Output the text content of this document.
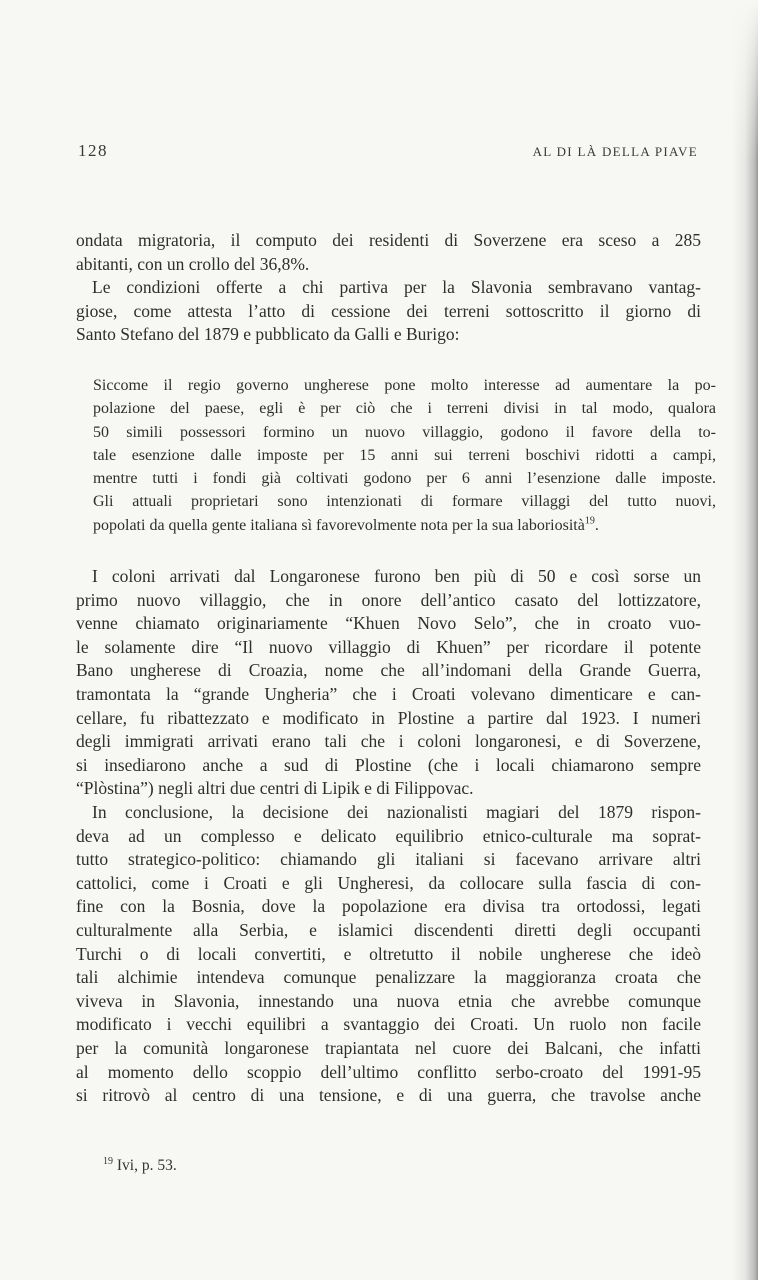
128	AL DI LÀ DELLA PIAVE
ondata migratoria, il computo dei residenti di Soverzene era sceso a 285
abitanti, con un crollo del 36,8%.
Le condizioni offerte a chi partiva per la Slavonia sembravano vantag-
giose, come attesta l’atto di cessione dei terreni sottoscritto il giorno di
Santo Stefano del 1879 e pubblicato da Galli e Burigo:
Siccome il regio governo ungherese pone molto interesse ad aumentare la po-
polazione del paese, egli è per ciò che i terreni divisi in tal modo, qualora
50 simili possessori formino un nuovo villaggio, godono il favore della to-
tale esenzione dalle imposte per 15 anni sui terreni boschivi ridotti a campi,
mentre tutti i fondi già coltivati godono per 6 anni l’esenzione dalle imposte.
Gli attuali proprietari sono intenzionati di formare villaggi del tutto nuovi,
popolati da quella gente italiana sì favorevolmente nota per la sua laboriosità$^{19}$.
I coloni arrivati dal Longaronese furono ben più di 50 e così sorse un
primo nuovo villaggio, che in onore dell’antico casato del lottizzatore,
venne chiamato originariamente “Khuen Novo Selo”, che in croato vuo-
le solamente dire “Il nuovo villaggio di Khuen” per ricordare il potente
Bano ungherese di Croazia, nome che all’indomani della Grande Guerra,
tramontata la “grande Ungheria” che i Croati volevano dimenticare e can-
cellare, fu ribattezzato e modificato in Plostine a partire dal 1923. I numeri
degli immigrati arrivati erano tali che i coloni longaronesi, e di Soverzene,
si insediarono anche a sud di Plostine (che i locali chiamarono sempre
“Plòstina”) negli altri due centri di Lipik e di Filippovac.
In conclusione, la decisione dei nazionalisti magiari del 1879 rispon-
deva ad un complesso e delicato equilibrio etnico-culturale ma soprat-
tutto strategico-politico: chiamando gli italiani si facevano arrivare altri
cattolici, come i Croati e gli Ungheresi, da collocare sulla fascia di con-
fine con la Bosnia, dove la popolazione era divisa tra ortodossi, legati
culturalmente alla Serbia, e islamici discendenti diretti degli occupanti
Turchi o di locali convertiti, e oltretutto il nobile ungherese che ideò
tali alchimie intendeva comunque penalizzare la maggioranza croata che
viveva in Slavonia, innestando una nuova etnia che avrebbe comunque
modificato i vecchi equilibri a svantaggio dei Croati. Un ruolo non facile
per la comunità longaronese trapiantata nel cuore dei Balcani, che infatti
al momento dello scoppio dell’ultimo conflitto serbo-croato del 1991-95
si ritrovò al centro di una tensione, e di una guerra, che travolse anche
$^{19}$ Ivi, p. 53.
